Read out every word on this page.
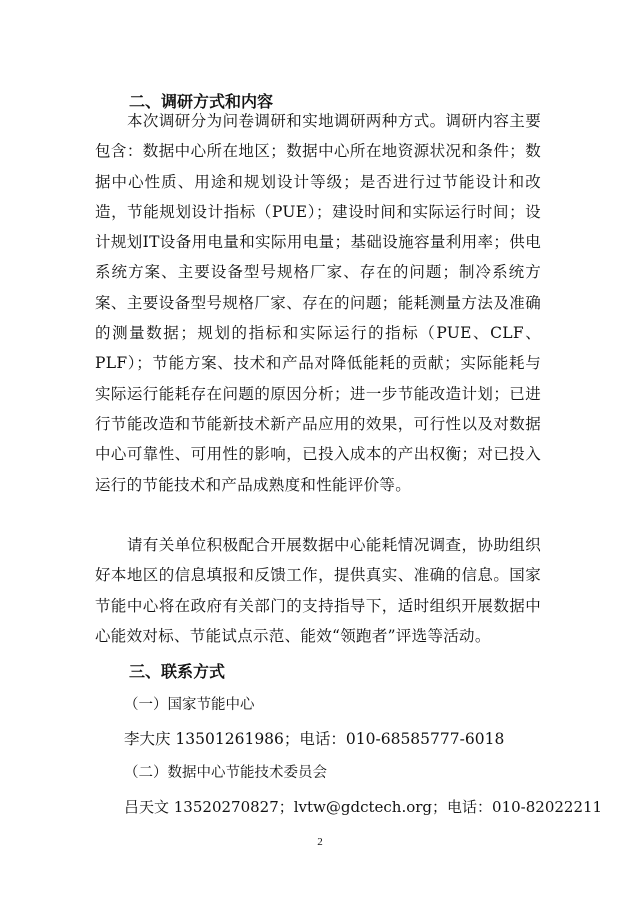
二、调研方式和内容

本次调研分为问卷调研和实地调研两种方式。调研内容主要包含：数据中心所在地区；数据中心所在地资源状况和条件；数据中心性质、用途和规划设计等级；是否进行过节能设计和改造，节能规划设计指标（PUE）；建设时间和实际运行时间；设计规划IT设备用电量和实际用电量；基础设施容量利用率；供电系统方案、主要设备型号规格厂家、存在的问题；制冷系统方案、主要设备型号规格厂家、存在的问题；能耗测量方法及准确的测量数据；规划的指标和实际运行的指标（PUE、CLF、PLF）；节能方案、技术和产品对降低能耗的贡献；实际能耗与实际运行能耗存在问题的原因分析；进一步节能改造计划；已进行节能改造和节能新技术新产品应用的效果，可行性以及对数据中心可靠性、可用性的影响，已投入成本的产出权衡；对已投入运行的节能技术和产品成熟度和性能评价等。

请有关单位积极配合开展数据中心能耗情况调查，协助组织好本地区的信息填报和反馈工作，提供真实、准确的信息。国家节能中心将在政府有关部门的支持指导下，适时组织开展数据中心能效对标、节能试点示范、能效“领跑者”评选等活动。

三、联系方式
（一）国家节能中心
李大庆 13501261986；电话：010-68585777-6018
（二）数据中心节能技术委员会
吕天文 13520270827；lvtw@gdctech.org；电话：010-82022211
2
